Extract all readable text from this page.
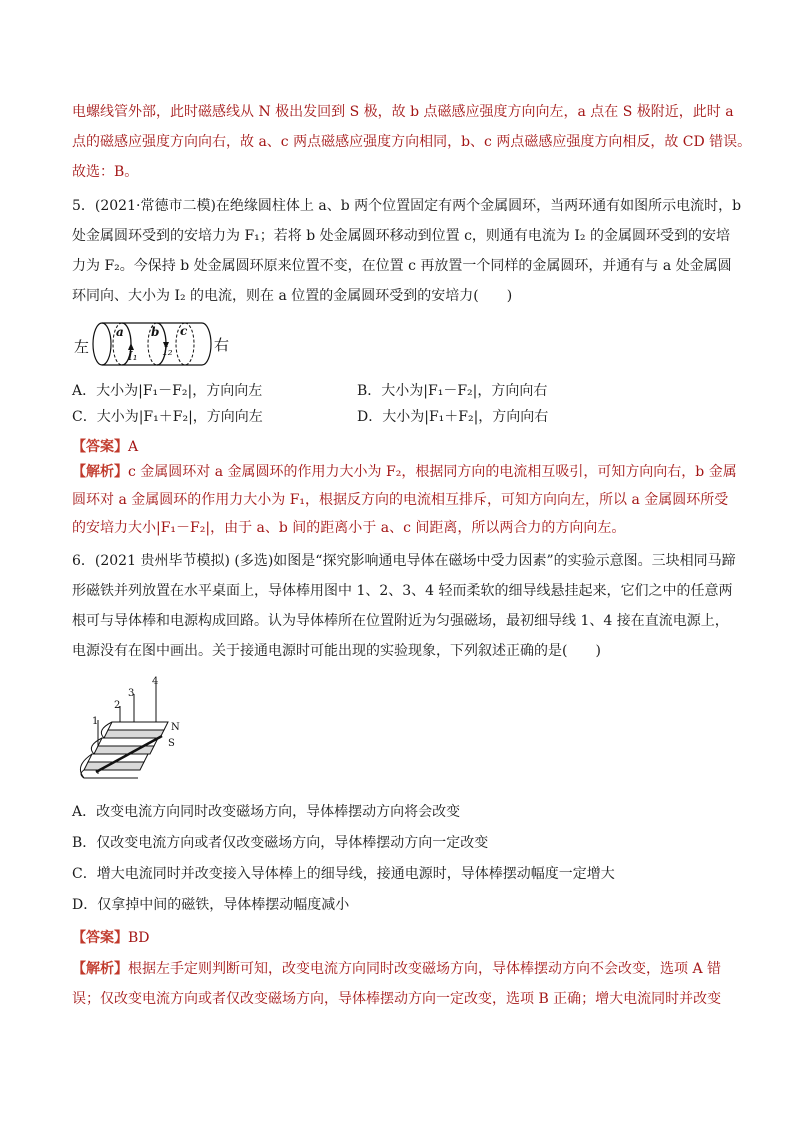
电螺线管外部，此时磁感线从 N 极出发回到 S 极，故 b 点磁感应强度方向向左，a 点在 S 极附近，此时 a
点的磁感应强度方向向右，故 a、c 两点磁感应强度方向相同，b、c 两点磁感应强度方向相反，故 CD 错误。
故选：B。
5．(2021·常德市二模)在绝缘圆柱体上 a、b 两个位置固定有两个金属圆环，当两环通有如图所示电流时，b
处金属圆环受到的安培力为 F₁；若将 b 处金属圆环移动到位置 c，则通有电流为 I₂ 的金属圆环受到的安培
力为 F₂。今保持 b 处金属圆环原来位置不变，在位置 c 再放置一个同样的金属圆环，并通有与 a 处金属圆
环同向、大小为 I₂ 的电流，则在 a 位置的金属圆环受到的安培力(　　)
左
a
I₁
b
I₂
c
右
A．大小为|F₁－F₂|，方向向左	B．大小为|F₁－F₂|，方向向右
C．大小为|F₁＋F₂|，方向向左	D．大小为|F₁＋F₂|，方向向右
【答案】A
【解析】c 金属圆环对 a 金属圆环的作用力大小为 F₂，根据同方向的电流相互吸引，可知方向向右，b 金属
圆环对 a 金属圆环的作用力大小为 F₁，根据反方向的电流相互排斥，可知方向向左，所以 a 金属圆环所受
的安培力大小|F₁－F₂|，由于 a、b 间的距离小于 a、c 间距离，所以两合力的方向向左。
6．(2021 贵州毕节模拟) (多选)如图是“探究影响通电导体在磁场中受力因素”的实验示意图。三块相同马蹄
形磁铁并列放置在水平桌面上，导体棒用图中 1、2、3、4 轻而柔软的细导线悬挂起来，它们之中的任意两
根可与导体棒和电源构成回路。认为导体棒所在位置附近为匀强磁场，最初细导线 1、4 接在直流电源上，
电源没有在图中画出。关于接通电源时可能出现的实验现象，下列叙述正确的是(　　)
1
2
3
4
N
S
A．改变电流方向同时改变磁场方向，导体棒摆动方向将会改变
B．仅改变电流方向或者仅改变磁场方向，导体棒摆动方向一定改变
C．增大电流同时并改变接入导体棒上的细导线，接通电源时，导体棒摆动幅度一定增大
D．仅拿掉中间的磁铁，导体棒摆动幅度减小
【答案】BD
【解析】根据左手定则判断可知，改变电流方向同时改变磁场方向，导体棒摆动方向不会改变，选项 A 错
误；仅改变电流方向或者仅改变磁场方向，导体棒摆动方向一定改变，选项 B 正确；增大电流同时并改变
